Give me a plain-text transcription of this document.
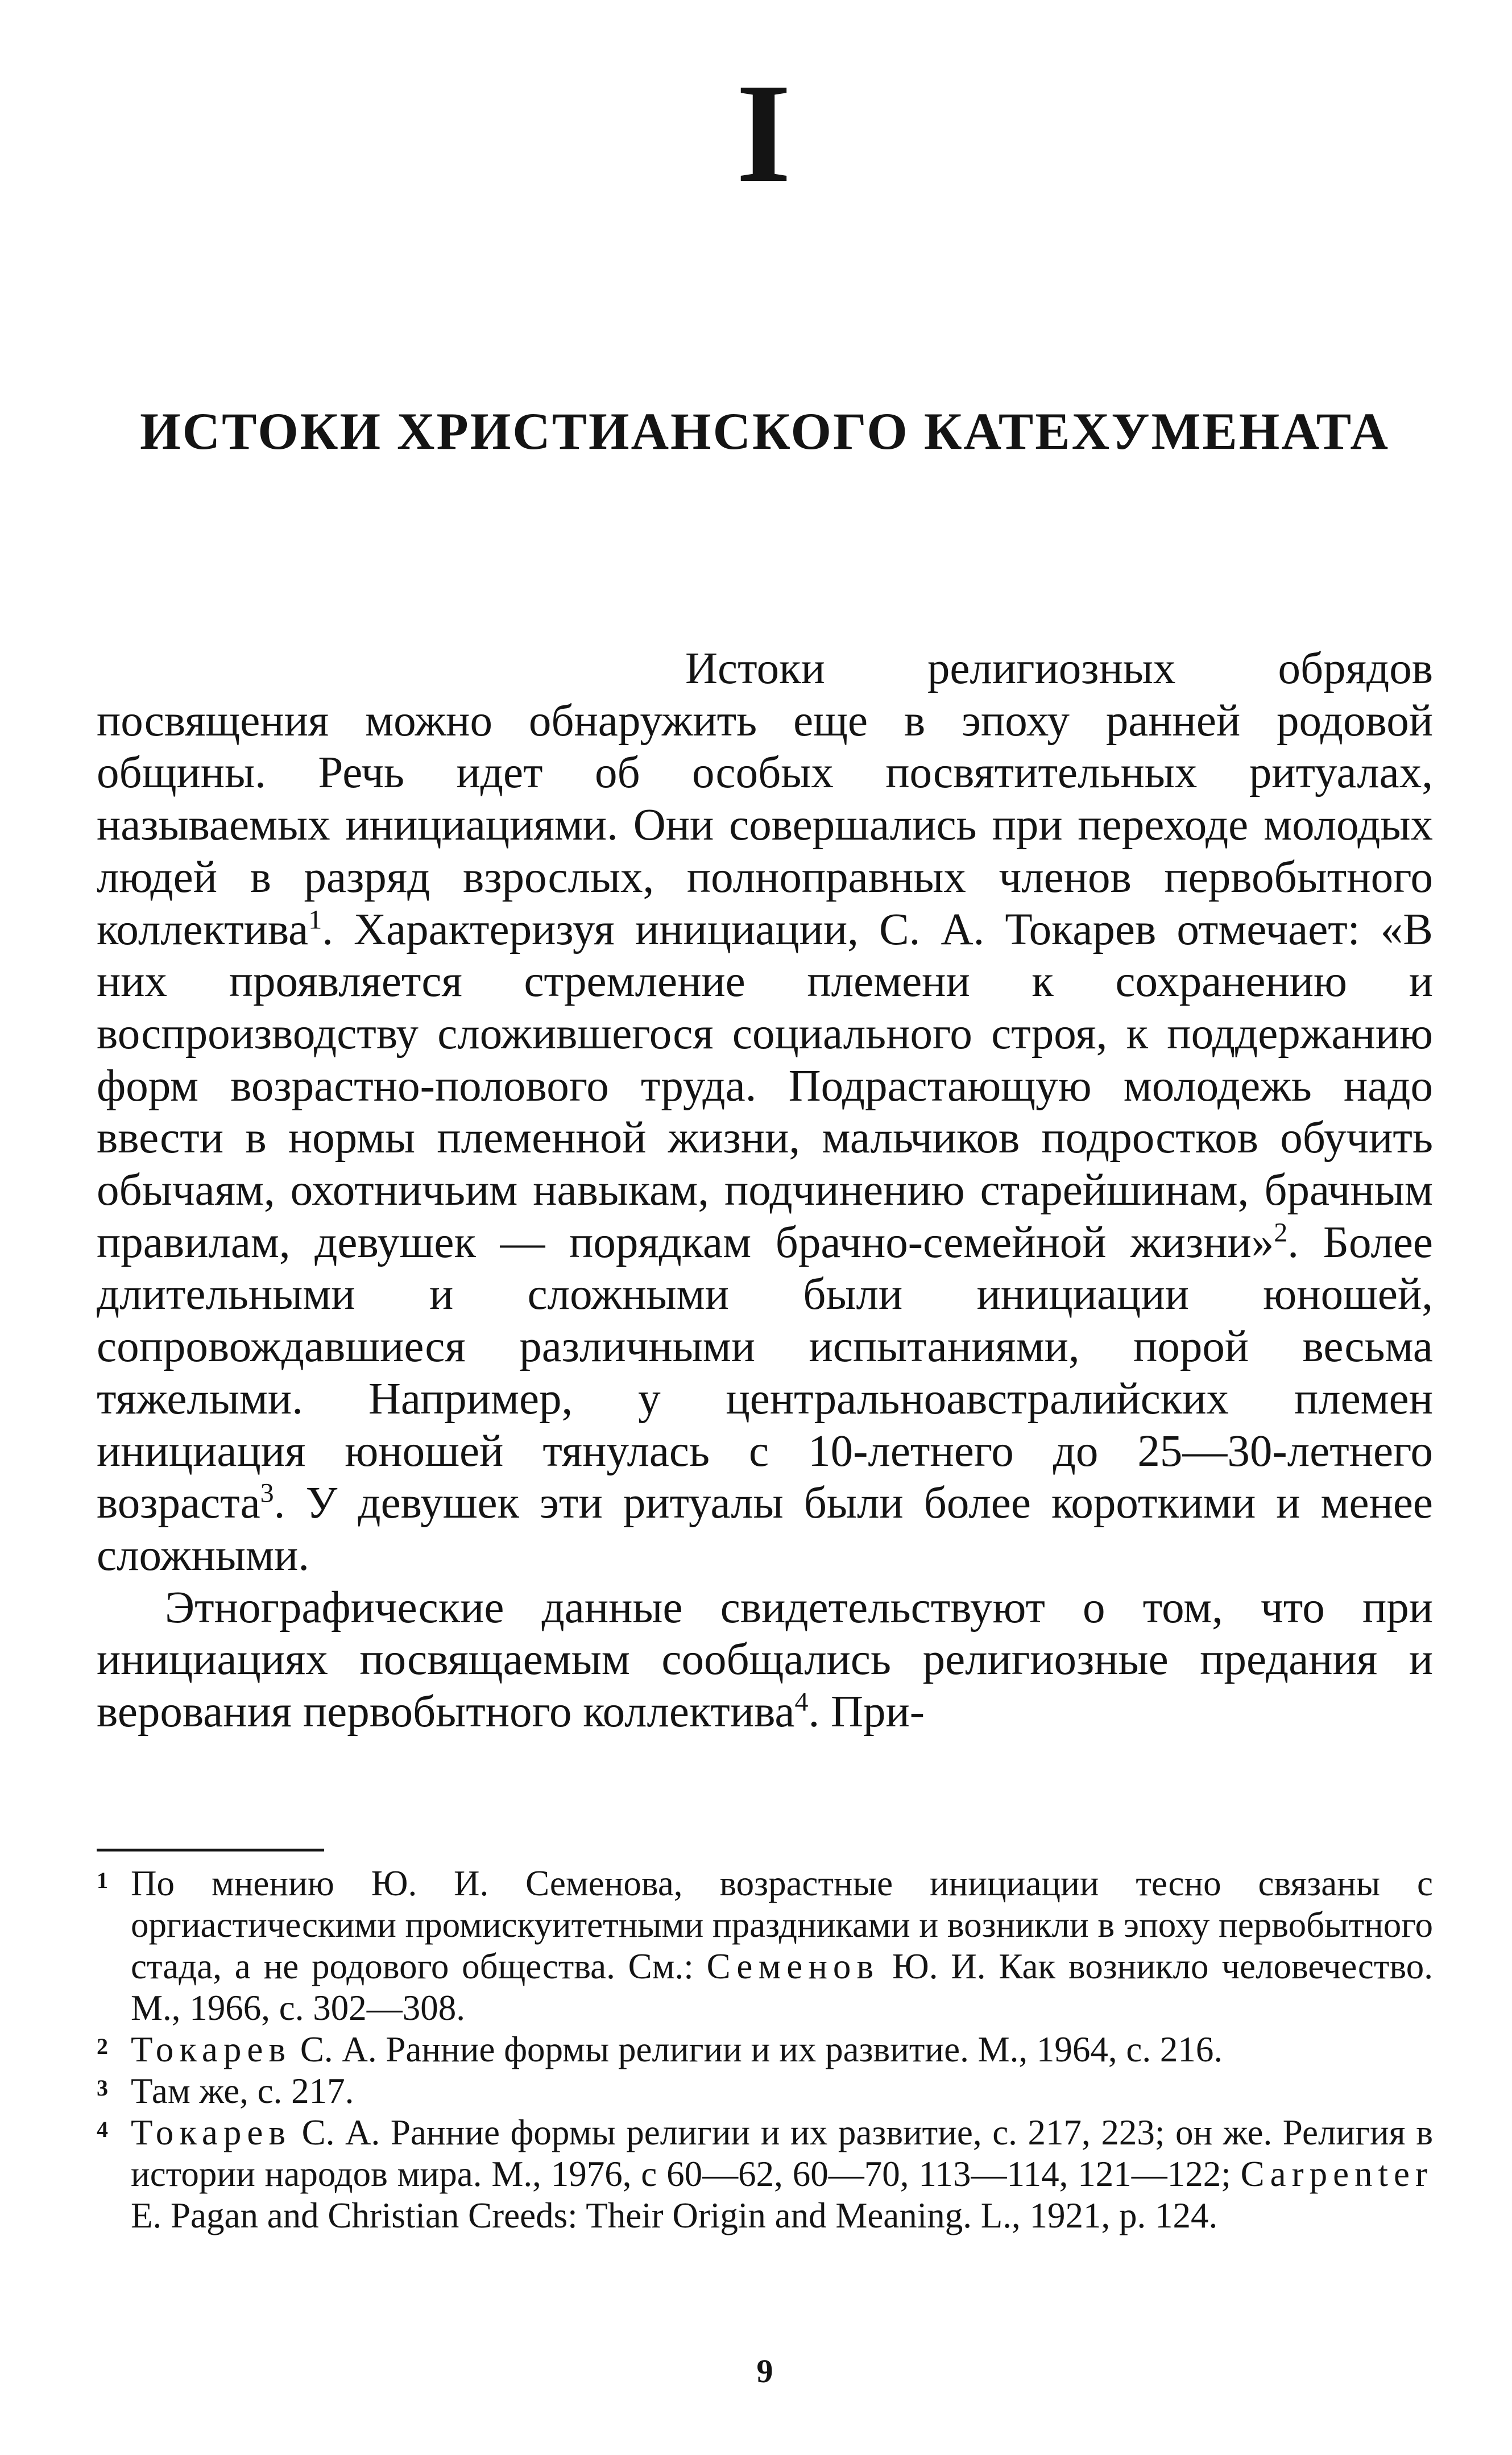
I
ИСТОКИ ХРИСТИАНСКОГО КАТЕХУМЕНАТА

Истоки религиозных обрядов посвящения можно обнаружить еще в эпоху ранней родовой общины. Речь идет об особых посвятительных ритуалах, называемых инициациями. Они совершались при переходе молодых людей в разряд взрослых, полноправных членов первобытного коллектива$^1$. Характеризуя инициации, С. А. Токарев отмечает: «В них проявляется стремление племени к сохранению и воспроизводству сложившегося социального строя, к поддержанию форм возрастно-полового труда. Подрастающую молодежь надо ввести в нормы племенной жизни, мальчиков подростков обучить обычаям, охотничьим навыкам, подчинению старейшинам, брачным правилам, девушек — порядкам брачно-семейной жизни»$^2$. Более длительными и сложными были инициации юношей, сопровождавшиеся различными испытаниями, порой весьма тяжелыми. Например, у центральноавстралийских племен инициация юношей тянулась с 10-летнего до 25—30-летнего возраста$^3$. У девушек эти ритуалы были более короткими и менее сложными.

Этнографические данные свидетельствуют о том, что при инициациях посвящаемым сообщались религиозные предания и верования первобытного коллектива$^4$. При-

1 По мнению Ю. И. Семенова, возрастные инициации тесно связаны с оргиастическими промискуитетными праздниками и возникли в эпоху первобытного стада, а не родового общества. См.: Семенов Ю. И. Как возникло человечество. М., 1966, с. 302—308.

2 Токарев С. А. Ранние формы религии и их развитие. М., 1964, с. 216.

3 Там же, с. 217.

4 Токарев С. А. Ранние формы религии и их развитие, с. 217, 223; он же. Религия в истории народов мира. М., 1976, с 60—62, 60—70, 113—114, 121—122; Carpenter E. Pagan and Christian Creeds: Their Origin and Meaning. L., 1921, p. 124.

9
